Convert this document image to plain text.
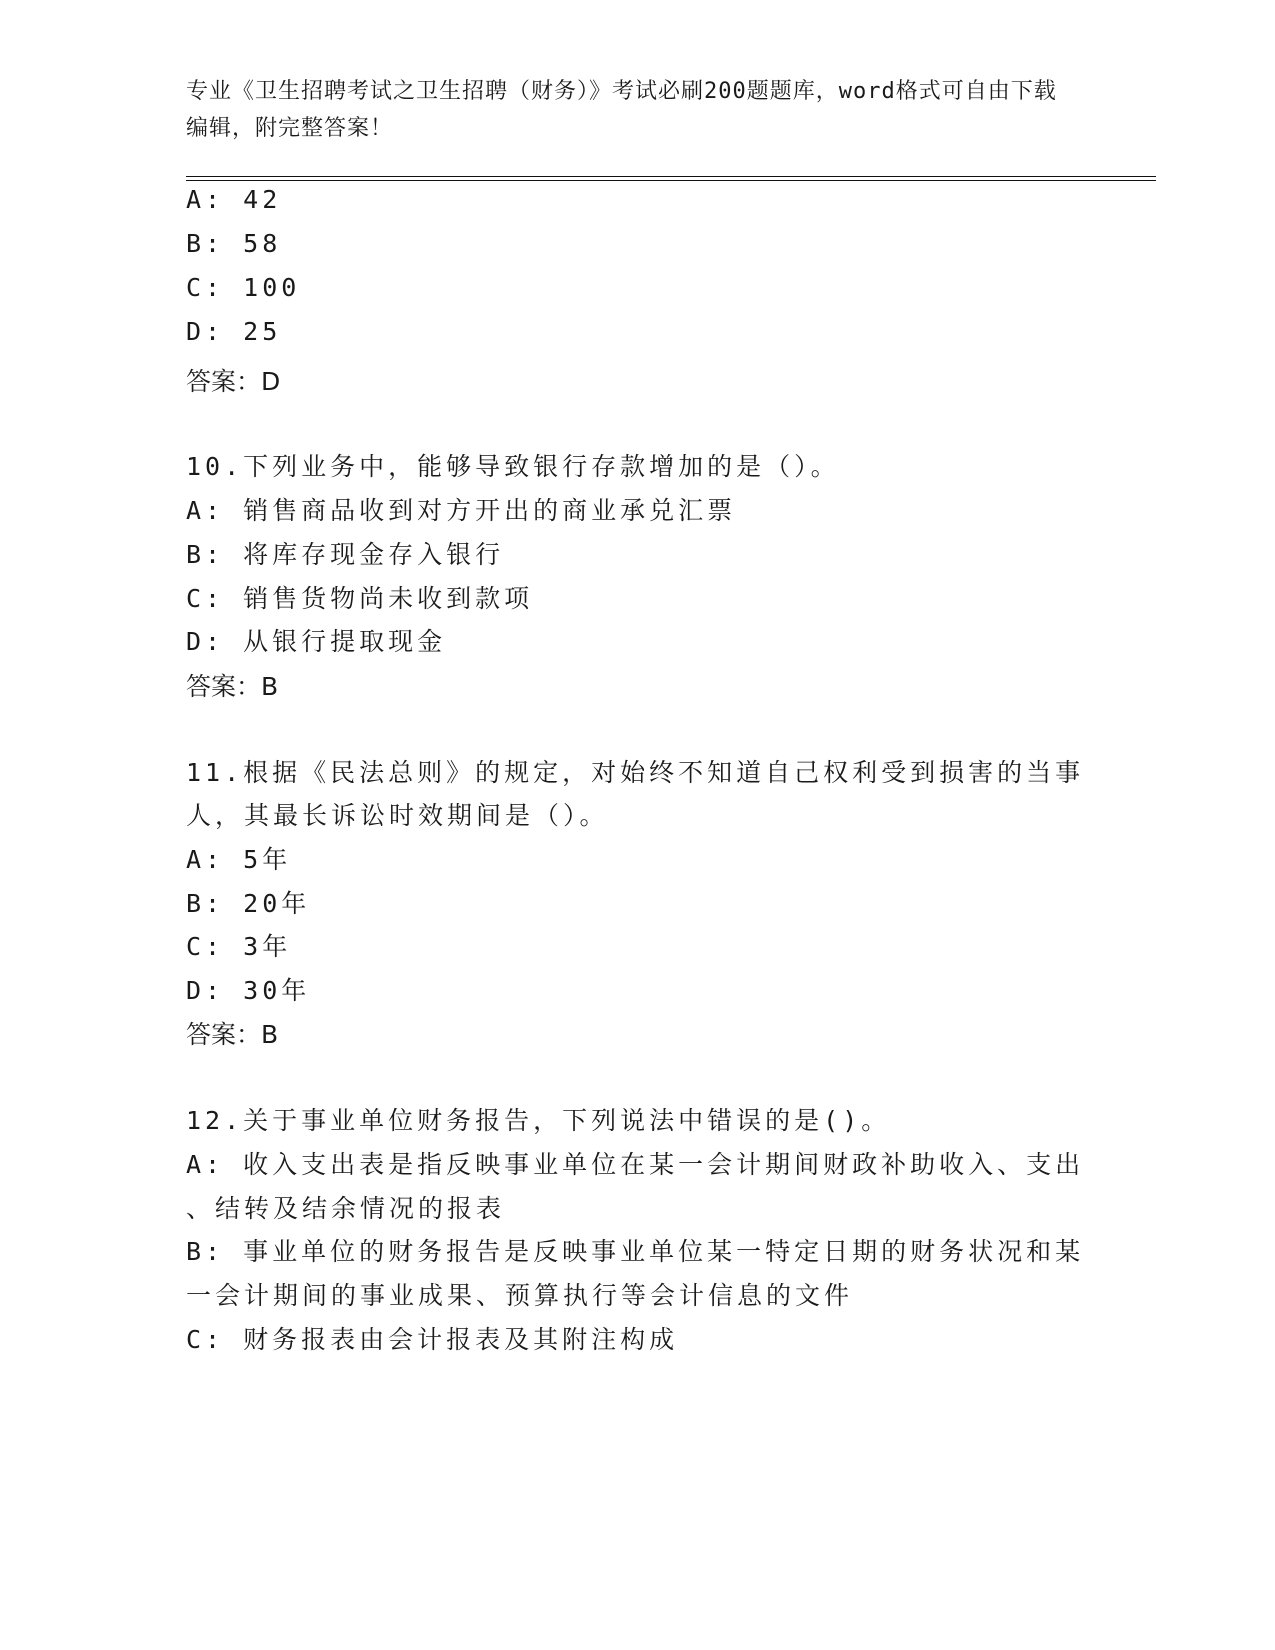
专业《卫生招聘考试之卫生招聘（财务）》考试必刷200题题库，word格式可自由下载编辑，附完整答案！
A: 42
B: 58
C: 100
D: 25
答案：D
10.下列业务中，能够导致银行存款增加的是（）。
A: 销售商品收到对方开出的商业承兑汇票
B: 将库存现金存入银行
C: 销售货物尚未收到款项
D: 从银行提取现金
答案：B
11.根据《民法总则》的规定，对始终不知道自己权利受到损害的当事
人，其最长诉讼时效期间是（）。
A: 5年
B: 20年
C: 3年
D: 30年
答案：B
12.关于事业单位财务报告，下列说法中错误的是()。
A: 收入支出表是指反映事业单位在某一会计期间财政补助收入、支出
、结转及结余情况的报表
B: 事业单位的财务报告是反映事业单位某一特定日期的财务状况和某
一会计期间的事业成果、预算执行等会计信息的文件
C: 财务报表由会计报表及其附注构成
